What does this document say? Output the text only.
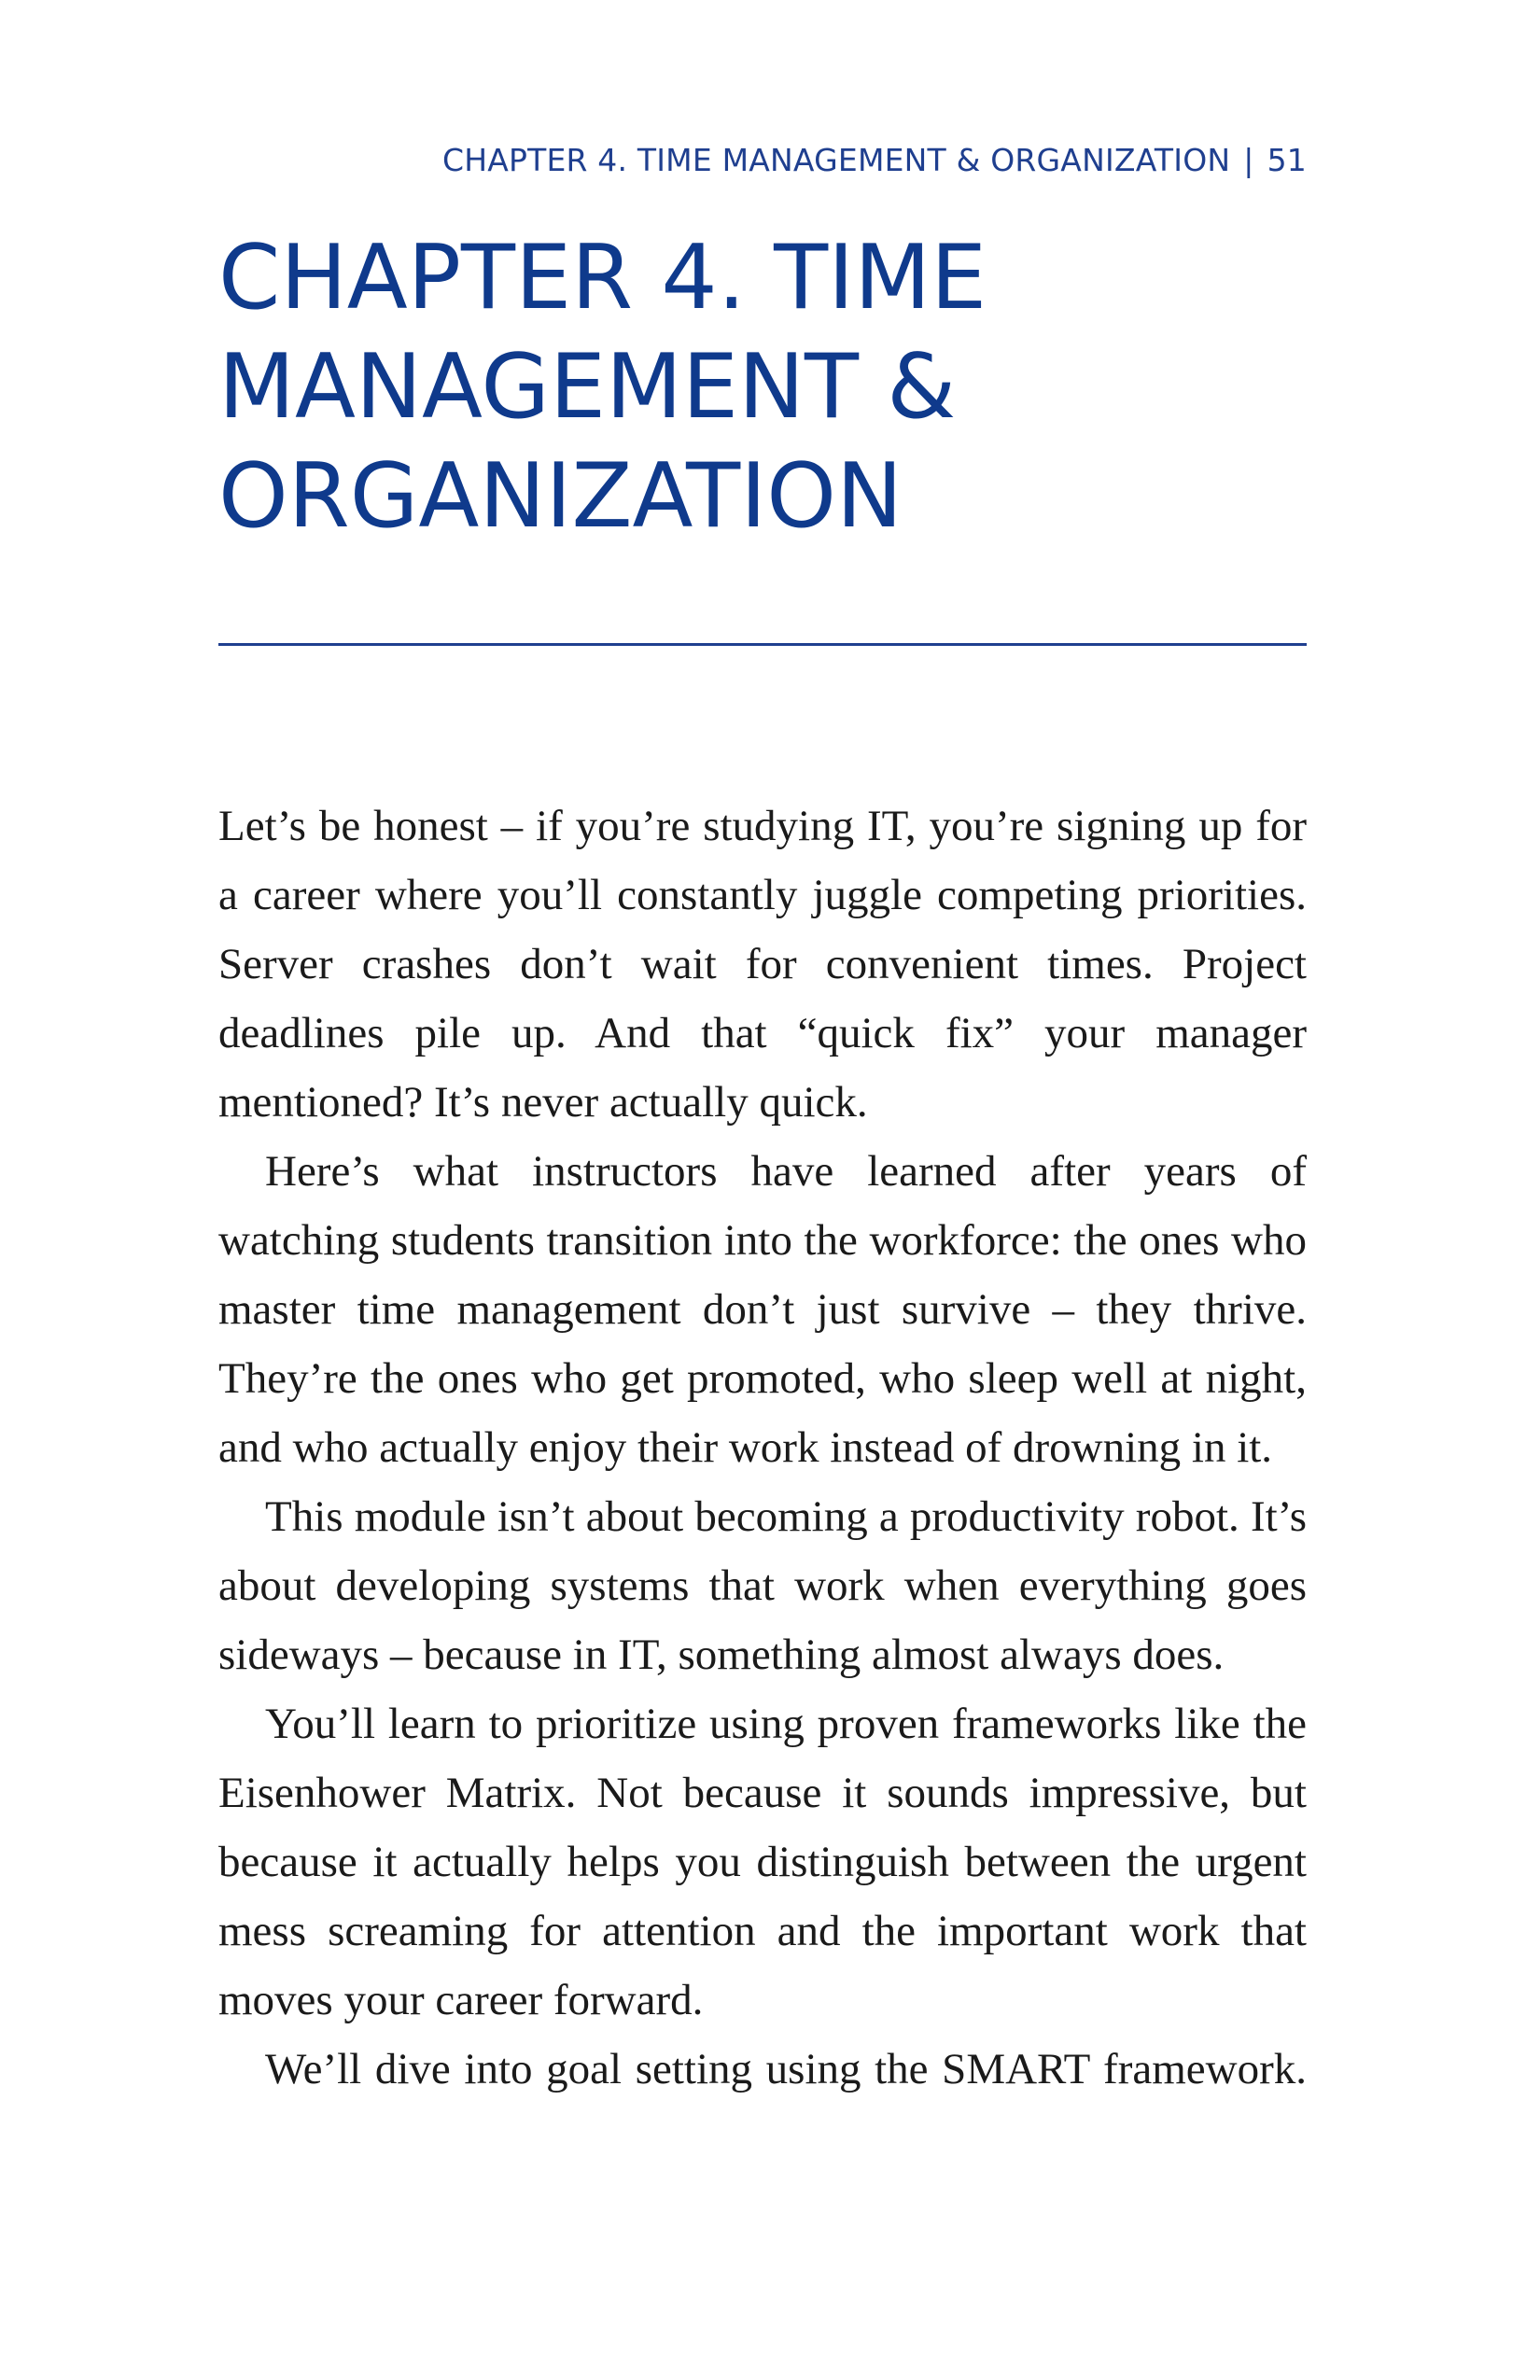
CHAPTER 4. TIME MANAGEMENT & ORGANIZATION | 51
CHAPTER 4. TIME
MANAGEMENT &
ORGANIZATION

Let’s be honest – if you’re studying IT, you’re signing up for a career where you’ll constantly juggle competing priorities. Server crashes don’t wait for convenient times. Project deadlines pile up. And that “quick fix” your manager mentioned? It’s never actually quick.

Here’s what instructors have learned after years of watching students transition into the workforce: the ones who master time management don’t just survive – they thrive. They’re the ones who get promoted, who sleep well at night, and who actually enjoy their work instead of drowning in it.

This module isn’t about becoming a productivity robot. It’s about developing systems that work when everything goes sideways – because in IT, something almost always does.

You’ll learn to prioritize using proven frameworks like the Eisenhower Matrix. Not because it sounds impressive, but because it actually helps you distinguish between the urgent mess screaming for attention and the important work that moves your career forward.

We’ll dive into goal setting using the SMART framework.
